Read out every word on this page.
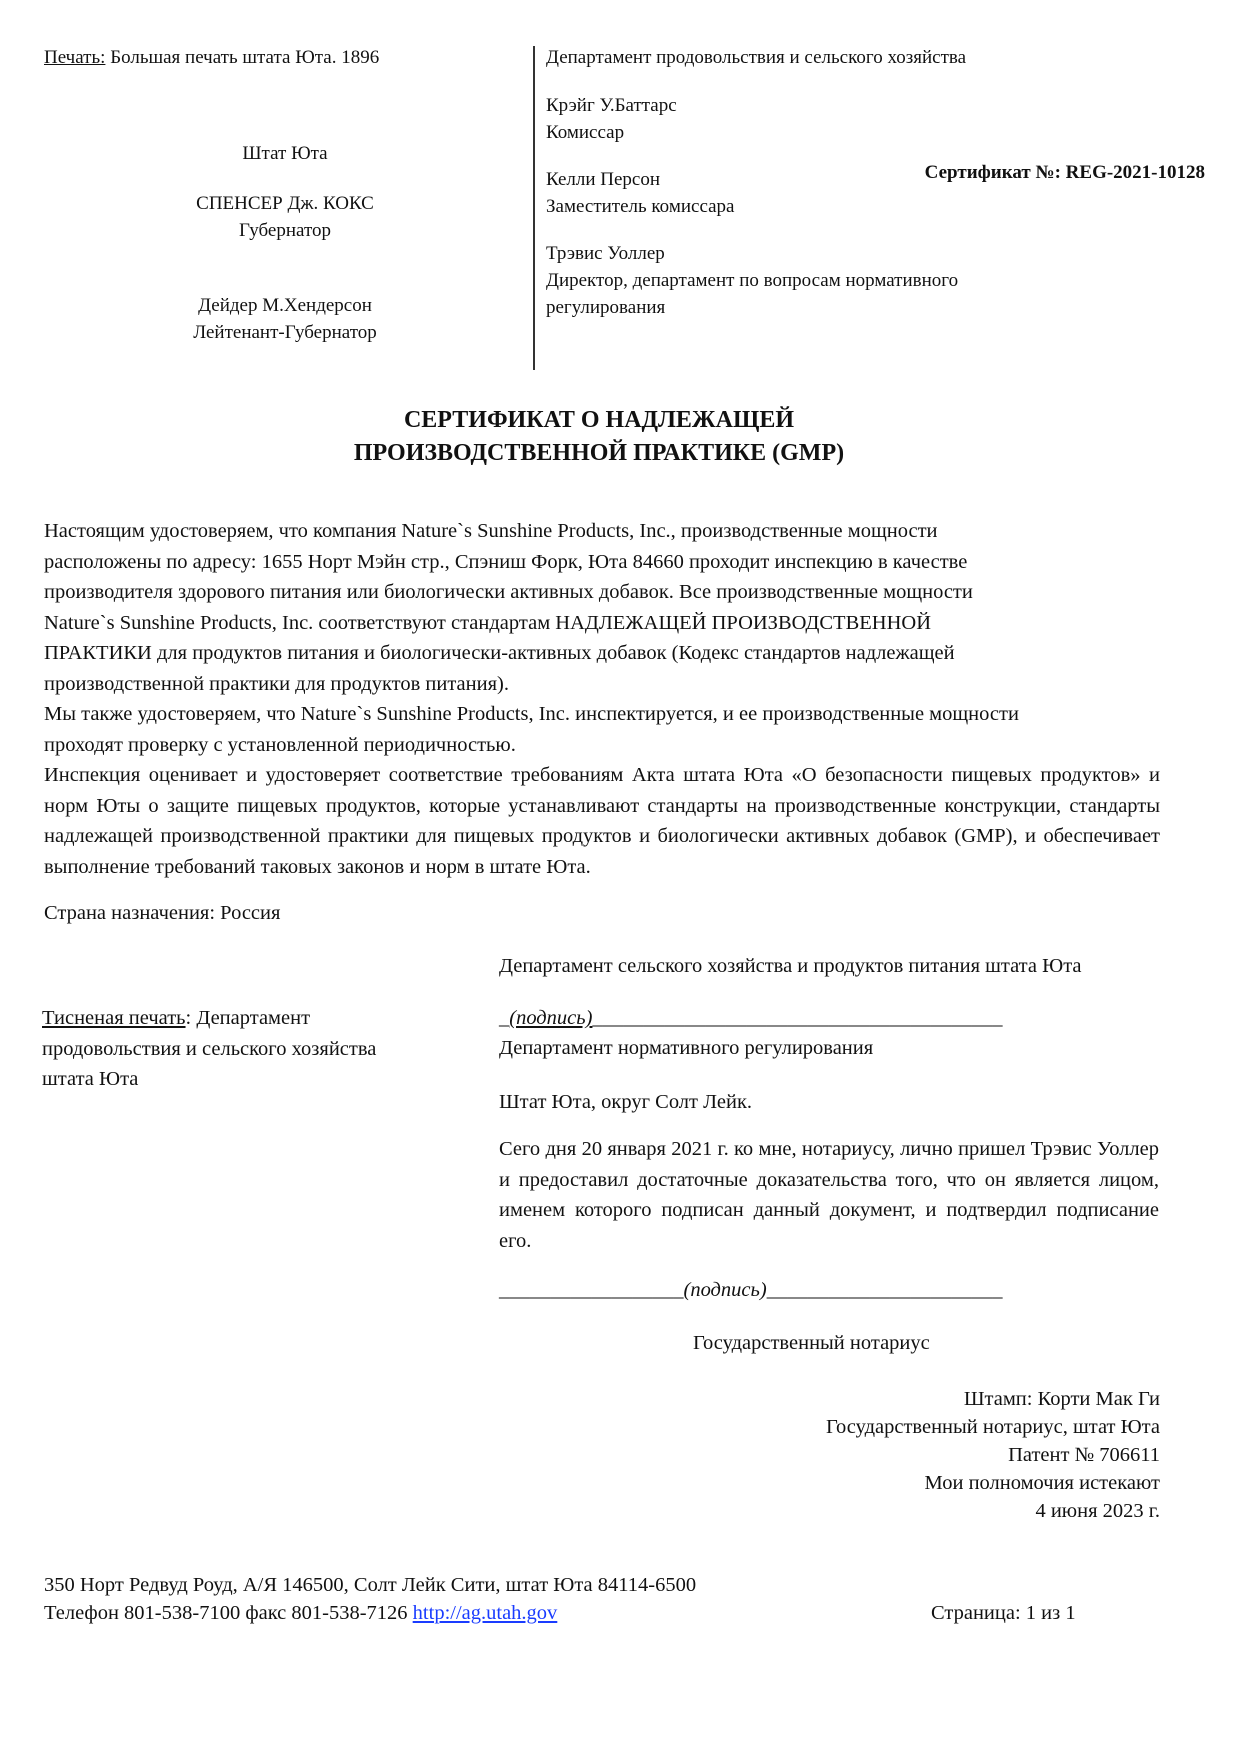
Печать: Большая печать штата Юта. 1896
Штат Юта
СПЕНСЕР Дж. КОКС
Губернатор
Дейдер М.Хендерсон
Лейтенант-Губернатор
Департамент продовольствия и сельского хозяйства
Крэйг У.Баттарс
Комиссар
Келли Персон
Заместитель комиссара
Сертификат №: REG-2021-10128
Трэвис Уоллер
Директор, департамент по вопросам нормативного
регулирования
СЕРТИФИКАТ О НАДЛЕЖАЩЕЙ
ПРОИЗВОДСТВЕННОЙ ПРАКТИКЕ (GMP)
Настоящим удостоверяем, что компания Nature`s Sunshine Products, Inc., производственные мощности
расположены по адресу: 1655 Норт Мэйн стр., Спэниш Форк, Юта 84660 проходит инспекцию в качестве
производителя здорового питания или биологически активных добавок. Все производственные мощности
Nature`s Sunshine Products, Inc. соответствуют стандартам НАДЛЕЖАЩЕЙ ПРОИЗВОДСТВЕННОЙ
ПРАКТИКИ для продуктов питания и биологически-активных добавок (Кодекс стандартов надлежащей
производственной практики для продуктов питания).
Мы также удостоверяем, что Nature`s Sunshine Products, Inc. инспектируется, и ее производственные мощности
проходят проверку с установленной периодичностью.

Инспекция оценивает и удостоверяет соответствие требованиям Акта штата Юта «О безопасности пищевых продуктов» и норм Юты о защите пищевых продуктов, которые устанавливают стандарты на производственные конструкции, стандарты надлежащей производственной практики для пищевых продуктов и биологически активных добавок (GMP), и обеспечивает выполнение требований таковых законов и норм в штате Юта.

Страна назначения: Россия
Департамент сельского хозяйства и продуктов питания штата Юта
_(подпись)________________________________________
Департамент нормативного регулирования
Штат Юта, округ Солт Лейк.

Сего дня 20 января 2021 г. ко мне, нотариусу, лично пришел Трэвис Уоллер и предоставил достаточные доказательства того, что он является лицом, именем которого подписан данный документ, и подтвердил подписание его.

__________________(подпись)_______________________
Государственный нотариус
Тисненая печать: Департамент
продовольствия и сельского хозяйства
штата Юта
Штамп: Корти Мак Ги
Государственный нотариус, штат Юта
Патент № 706611
Мои полномочия истекают
4 июня 2023 г.
350 Норт Редвуд Роуд, А/Я 146500, Солт Лейк Сити, штат Юта 84114-6500
Телефон 801-538-7100 факс 801-538-7126 http://ag.utah.gov	Страница: 1 из 1
